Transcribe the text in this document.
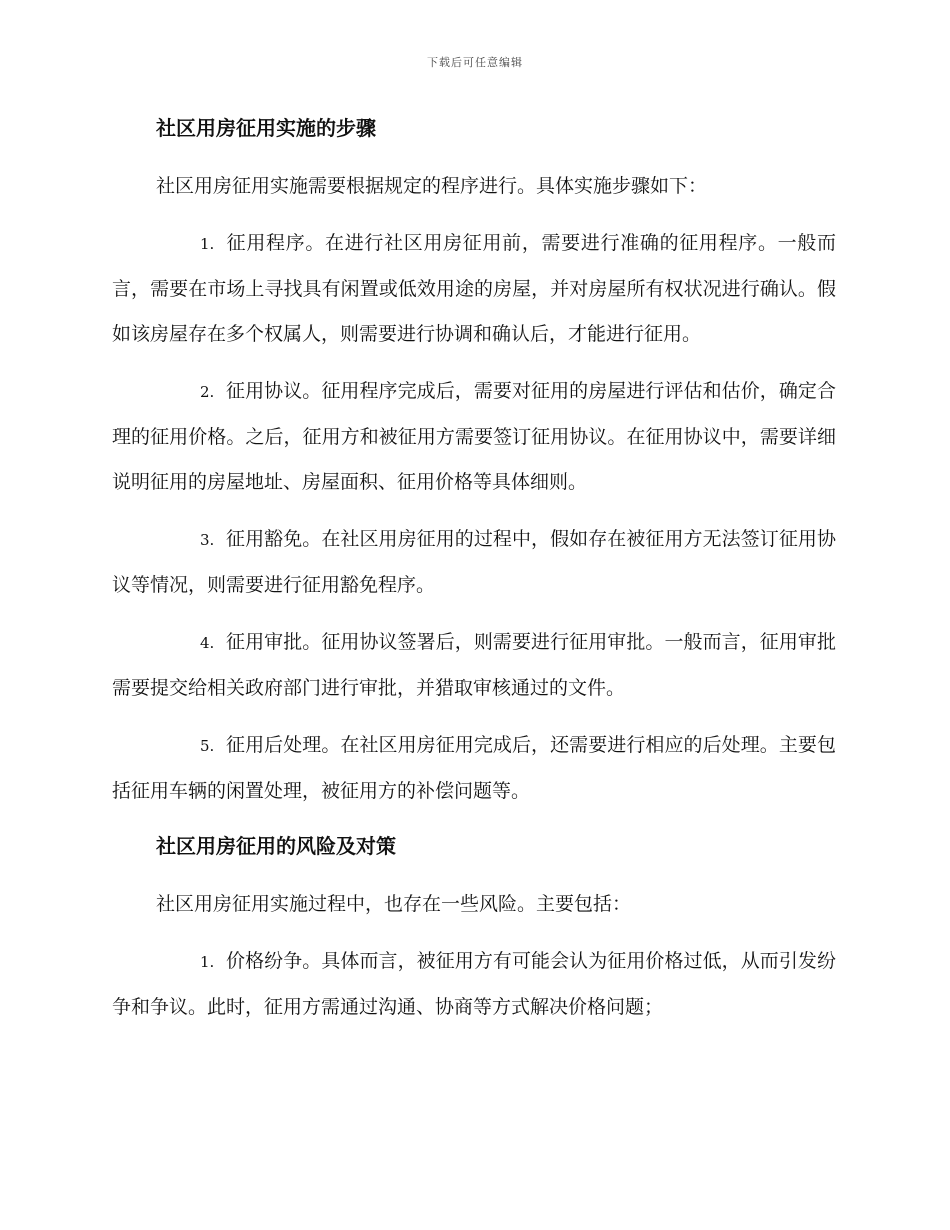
下载后可任意编辑
社区用房征用实施的步骤

社区用房征用实施需要根据规定的程序进行。具体实施步骤如下：

1. 征用程序。在进行社区用房征用前，需要进行准确的征用程序。一般而言，需要在市场上寻找具有闲置或低效用途的房屋，并对房屋所有权状况进行确认。假如该房屋存在多个权属人，则需要进行协调和确认后，才能进行征用。

2. 征用协议。征用程序完成后，需要对征用的房屋进行评估和估价，确定合理的征用价格。之后，征用方和被征用方需要签订征用协议。在征用协议中，需要详细说明征用的房屋地址、房屋面积、征用价格等具体细则。

3. 征用豁免。在社区用房征用的过程中，假如存在被征用方无法签订征用协议等情况，则需要进行征用豁免程序。

4. 征用审批。征用协议签署后，则需要进行征用审批。一般而言，征用审批需要提交给相关政府部门进行审批，并猎取审核通过的文件。

5. 征用后处理。在社区用房征用完成后，还需要进行相应的后处理。主要包括征用车辆的闲置处理，被征用方的补偿问题等。

社区用房征用的风险及对策

社区用房征用实施过程中，也存在一些风险。主要包括：

1. 价格纷争。具体而言，被征用方有可能会认为征用价格过低，从而引发纷争和争议。此时，征用方需通过沟通、协商等方式解决价格问题；
